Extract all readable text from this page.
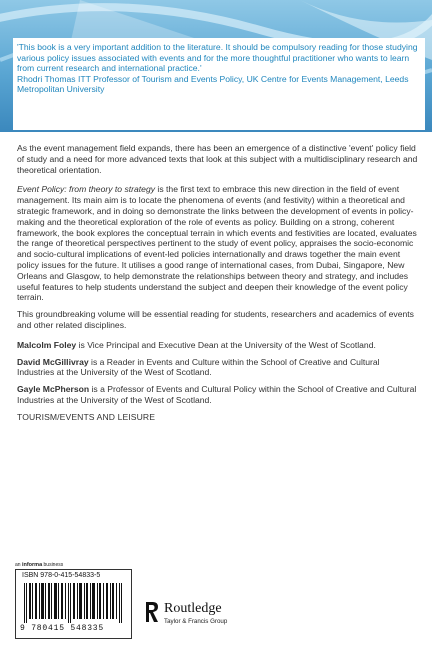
'This book is a very important addition to the literature. It should be compulsory reading for those studying various policy issues associated with events and for the more thoughtful practitioner who wants to learn from current research and international practice.'

Rhodri Thomas ITT Professor of Tourism and Events Policy, UK Centre for Events Management, Leeds Metropolitan University

As the event management field expands, there has been an emergence of a distinctive 'event' policy field of study and a need for more advanced texts that look at this subject with a multidisciplinary research and theoretical orientation.

Event Policy: from theory to strategy is the first text to embrace this new direction in the field of event management. Its main aim is to locate the phenomena of events (and festivity) within a theoretical and strategic framework, and in doing so demonstrate the links between the development of events in policy-making and the theoretical exploration of the role of events as policy. Building on a strong, coherent framework, the book explores the conceptual terrain in which events and festivities are located, evaluates the range of theoretical perspectives pertinent to the study of event policy, appraises the socio-economic and socio-cultural implications of event-led policies internationally and draws together the main event policy issues for the future. It utilises a good range of international cases, from Dubai, Singapore, New Orleans and Glasgow, to help demonstrate the relationships between theory and strategy, and includes useful features to help students understand the subject and deepen their knowledge of the event policy terrain.

This groundbreaking volume will be essential reading for students, researchers and academics of events and other related disciplines.

Malcolm Foley is Vice Principal and Executive Dean at the University of the West of Scotland.

David McGillivray is a Reader in Events and Culture within the School of Creative and Cultural Industries at the University of the West of Scotland.

Gayle McPherson is a Professor of Events and Cultural Policy within the School of Creative and Cultural Industries at the University of the West of Scotland.

TOURISM/EVENTS AND LEISURE

an informa business
ISBN 978-0-415-54833-5
9 780415 548335
Routledge
Taylor & Francis Group
